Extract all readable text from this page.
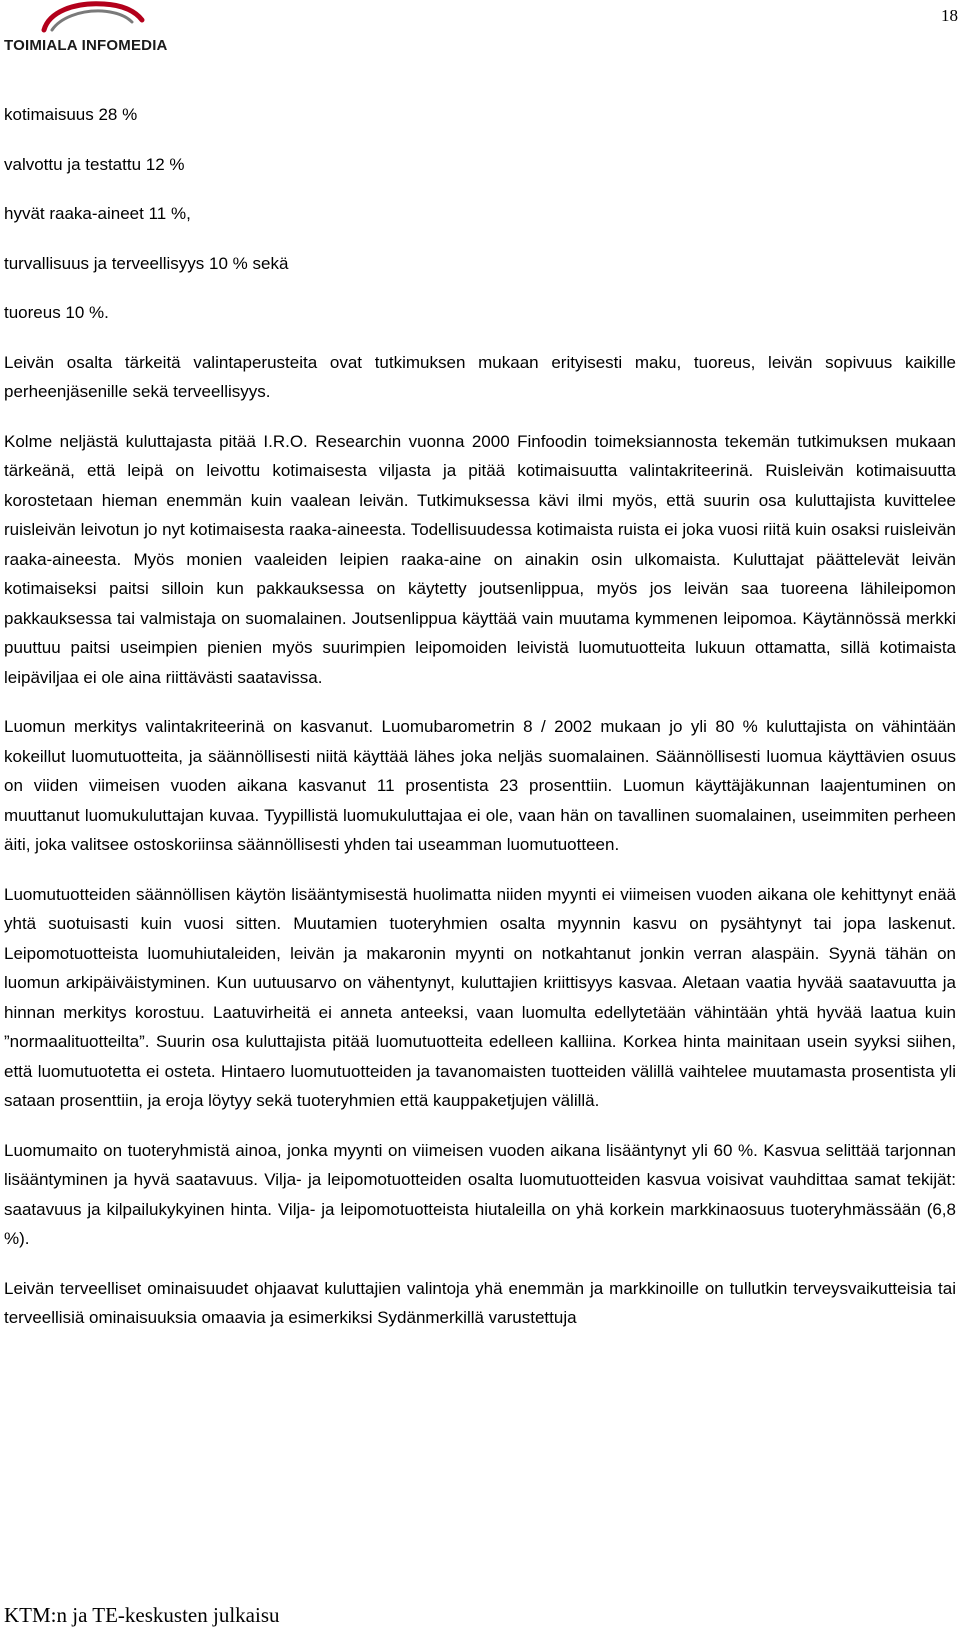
TOIMIALA INFOMEDIA
18
kotimaisuus 28 %
valvottu ja testattu 12 %
hyvät raaka-aineet 11 %,
turvallisuus ja terveellisyys 10 % sekä
tuoreus 10 %.
Leivän osalta tärkeitä valintaperusteita ovat tutkimuksen mukaan erityisesti maku, tuoreus, leivän sopivuus kaikille perheenjäsenille sekä terveellisyys.
Kolme neljästä kuluttajasta pitää I.R.O. Researchin vuonna 2000 Finfoodin toimeksiannosta tekemän tutkimuksen mukaan tärkeänä, että leipä on leivottu kotimaisesta viljasta ja pitää kotimaisuutta valintakriteerinä. Ruisleivän kotimaisuutta korostetaan hieman enemmän kuin vaalean leivän. Tutkimuksessa kävi ilmi myös, että suurin osa kuluttajista kuvittelee ruisleivän leivotun jo nyt kotimaisesta raaka-aineesta. Todellisuudessa kotimaista ruista ei joka vuosi riitä kuin osaksi ruisleivän raaka-aineesta. Myös monien vaaleiden leipien raaka-aine on ainakin osin ulkomaista. Kuluttajat päättelevät leivän kotimaiseksi paitsi silloin kun pakkauksessa on käytetty joutsenlippua, myös jos leivän saa tuoreena lähileipomon pakkauksessa tai valmistaja on suomalainen. Joutsenlippua käyttää vain muutama kymmenen leipomoa. Käytännössä merkki puuttuu paitsi useimpien pienien myös suurimpien leipomoiden leivistä luomutuotteita lukuun ottamatta, sillä kotimaista leipäviljaa ei ole aina riittävästi saatavissa.
Luomun merkitys valintakriteerinä on kasvanut. Luomubarometrin 8 / 2002 mukaan jo yli 80 % kuluttajista on vähintään kokeillut luomutuotteita, ja säännöllisesti niitä käyttää lähes joka neljäs suomalainen. Säännöllisesti luomua käyttävien osuus on viiden viimeisen vuoden aikana kasvanut 11 prosentista 23 prosenttiin. Luomun käyttäjäkunnan laajentuminen on muuttanut luomukuluttajan kuvaa. Tyypillistä luomukuluttajaa ei ole, vaan hän on tavallinen suomalainen, useimmiten perheen äiti, joka valitsee ostoskoriinsa säännöllisesti yhden tai useamman luomutuotteen.
Luomutuotteiden säännöllisen käytön lisääntymisestä huolimatta niiden myynti ei viimeisen vuoden aikana ole kehittynyt enää yhtä suotuisasti kuin vuosi sitten. Muutamien tuoteryhmien osalta myynnin kasvu on pysähtynyt tai jopa laskenut. Leipomotuotteista luomuhiutaleiden, leivän ja makaronin myynti on notkahtanut jonkin verran alaspäin. Syynä tähän on luomun arkipäiväistyminen. Kun uutuusarvo on vähentynyt, kuluttajien kriittisyys kasvaa. Aletaan vaatia hyvää saatavuutta ja hinnan merkitys korostuu. Laatuvirheitä ei anneta anteeksi, vaan luomulta edellytetään vähintään yhtä hyvää laatua kuin ”normaalituotteilta”. Suurin osa kuluttajista pitää luomutuotteita edelleen kalliina. Korkea hinta mainitaan usein syyksi siihen, että luomutuotetta ei osteta. Hintaero luomutuotteiden ja tavanomaisten tuotteiden välillä vaihtelee muutamasta prosentista yli sataan prosenttiin, ja eroja löytyy sekä tuoteryhmien että kauppaketjujen välillä.
Luomumaito on tuoteryhmistä ainoa, jonka myynti on viimeisen vuoden aikana lisääntynyt yli 60 %. Kasvua selittää tarjonnan lisääntyminen ja hyvä saatavuus. Vilja- ja leipomotuotteiden osalta luomutuotteiden kasvua voisivat vauhdittaa samat tekijät: saatavuus ja kilpailukykyinen hinta. Vilja- ja leipomotuotteista hiutaleilla on yhä korkein markkinaosuus tuoteryhmässään (6,8 %).
Leivän terveelliset ominaisuudet ohjaavat kuluttajien valintoja yhä enemmän ja markkinoille on tullutkin terveysvaikutteisia tai terveellisiä ominaisuuksia omaavia ja esimerkiksi Sydänmerkillä varustettuja
KTM:n ja TE-keskusten julkaisu
